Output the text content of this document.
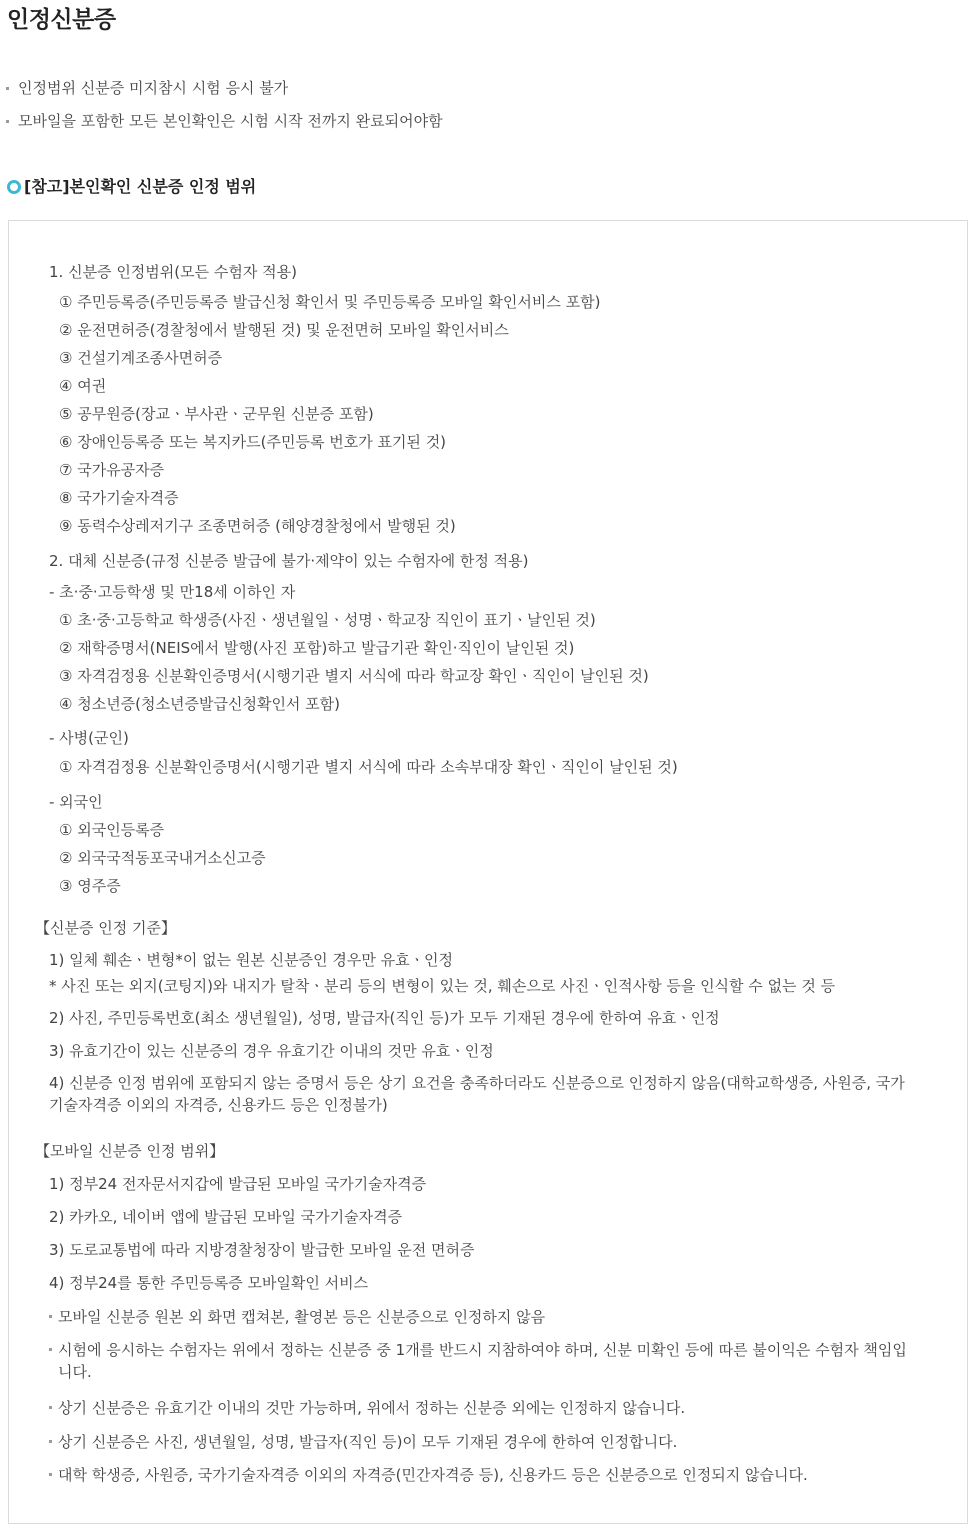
인정신분증
인정범위 신분증 미지참시 시험 응시 불가
모바일을 포함한 모든 본인확인은 시험 시작 전까지 완료되어야함
[참고]본인확인 신분증 인정 범위
1. 신분증 인정범위(모든 수험자 적용)
① 주민등록증(주민등록증 발급신청 확인서 및 주민등록증 모바일 확인서비스 포함)
② 운전면허증(경찰청에서 발행된 것) 및 운전면허 모바일 확인서비스
③ 건설기계조종사면허증
④ 여권
⑤ 공무원증(장교ㆍ부사관ㆍ군무원 신분증 포함)
⑥ 장애인등록증 또는 복지카드(주민등록 번호가 표기된 것)
⑦ 국가유공자증
⑧ 국가기술자격증
⑨ 동력수상레저기구 조종면허증 (해양경찰청에서 발행된 것)
2. 대체 신분증(규정 신분증 발급에 불가·제약이 있는 수험자에 한정 적용)
- 초·중·고등학생 및 만18세 이하인 자
① 초·중·고등학교 학생증(사진ㆍ생년월일ㆍ성명ㆍ학교장 직인이 표기ㆍ날인된 것)
② 재학증명서(NEIS에서 발행(사진 포함)하고 발급기관 확인·직인이 날인된 것)
③ 자격검정용 신분확인증명서(시행기관 별지 서식에 따라 학교장 확인ㆍ직인이 날인된 것)
④ 청소년증(청소년증발급신청확인서 포함)
- 사병(군인)
① 자격검정용 신분확인증명서(시행기관 별지 서식에 따라 소속부대장 확인ㆍ직인이 날인된 것)
- 외국인
① 외국인등록증
② 외국국적동포국내거소신고증
③ 영주증
【신분증 인정 기준】
1) 일체 훼손ㆍ변형*이 없는 원본 신분증인 경우만 유효ㆍ인정
* 사진 또는 외지(코팅지)와 내지가 탈착ㆍ분리 등의 변형이 있는 것, 훼손으로 사진ㆍ인적사항 등을 인식할 수 없는 것 등
2) 사진, 주민등록번호(최소 생년월일), 성명, 발급자(직인 등)가 모두 기재된 경우에 한하여 유효ㆍ인정
3) 유효기간이 있는 신분증의 경우 유효기간 이내의 것만 유효ㆍ인정
4) 신분증 인정 범위에 포함되지 않는 증명서 등은 상기 요건을 충족하더라도 신분증으로 인정하지 않음(대학교학생증, 사원증, 국가기술자격증 이외의 자격증, 신용카드 등은 인정불가)
【모바일 신분증 인정 범위】
1) 정부24 전자문서지갑에 발급된 모바일 국가기술자격증
2) 카카오, 네이버 앱에 발급된 모바일 국가기술자격증
3) 도로교통법에 따라 지방경찰청장이 발급한 모바일 운전 면허증
4) 정부24를 통한 주민등록증 모바일확인 서비스
모바일 신분증 원본 외 화면 캡쳐본, 촬영본 등은 신분증으로 인정하지 않음
시험에 응시하는 수험자는 위에서 정하는 신분증 중 1개를 반드시 지참하여야 하며, 신분 미확인 등에 따른 불이익은 수험자 책임입니다.
상기 신분증은 유효기간 이내의 것만 가능하며, 위에서 정하는 신분증 외에는 인정하지 않습니다.
상기 신분증은 사진, 생년월일, 성명, 발급자(직인 등)이 모두 기재된 경우에 한하여 인정합니다.
대학 학생증, 사원증, 국가기술자격증 이외의 자격증(민간자격증 등), 신용카드 등은 신분증으로 인정되지 않습니다.
